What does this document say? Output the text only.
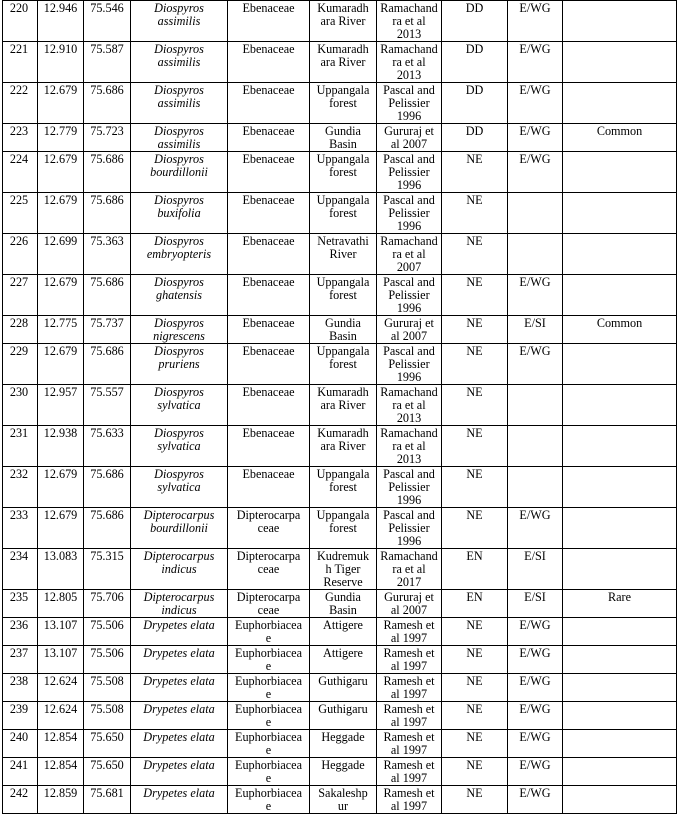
220	12.946	75.546	Diospyros
assimilis	Ebenaceae	Kumaradh
ara River	Ramachand
ra et al
2013	DD	E/WG	
221	12.910	75.587	Diospyros
assimilis	Ebenaceae	Kumaradh
ara River	Ramachand
ra et al
2013	DD	E/WG	
222	12.679	75.686	Diospyros
assimilis	Ebenaceae	Uppangala
forest	Pascal and
Pelissier
1996	DD	E/WG	
223	12.779	75.723	Diospyros
assimilis	Ebenaceae	Gundia
Basin	Gururaj et
al 2007	DD	E/WG	Common
224	12.679	75.686	Diospyros
bourdillonii	Ebenaceae	Uppangala
forest	Pascal and
Pelissier
1996	NE	E/WG	
225	12.679	75.686	Diospyros
buxifolia	Ebenaceae	Uppangala
forest	Pascal and
Pelissier
1996	NE		
226	12.699	75.363	Diospyros
embryopteris	Ebenaceae	Netravathi
River	Ramachand
ra et al
2007	NE		
227	12.679	75.686	Diospyros
ghatensis	Ebenaceae	Uppangala
forest	Pascal and
Pelissier
1996	NE	E/WG	
228	12.775	75.737	Diospyros
nigrescens	Ebenaceae	Gundia
Basin	Gururaj et
al 2007	NE	E/SI	Common
229	12.679	75.686	Diospyros
pruriens	Ebenaceae	Uppangala
forest	Pascal and
Pelissier
1996	NE	E/WG	
230	12.957	75.557	Diospyros
sylvatica	Ebenaceae	Kumaradh
ara River	Ramachand
ra et al
2013	NE		
231	12.938	75.633	Diospyros
sylvatica	Ebenaceae	Kumaradh
ara River	Ramachand
ra et al
2013	NE		
232	12.679	75.686	Diospyros
sylvatica	Ebenaceae	Uppangala
forest	Pascal and
Pelissier
1996	NE		
233	12.679	75.686	Dipterocarpus
bourdillonii	Dipterocarpa
ceae	Uppangala
forest	Pascal and
Pelissier
1996	NE	E/WG	
234	13.083	75.315	Dipterocarpus
indicus	Dipterocarpa
ceae	Kudremuk
h Tiger
Reserve	Ramachand
ra et al
2017	EN	E/SI	
235	12.805	75.706	Dipterocarpus
indicus	Dipterocarpa
ceae	Gundia
Basin	Gururaj et
al 2007	EN	E/SI	Rare
236	13.107	75.506	Drypetes elata	Euphorbiacea
e	Attigere	Ramesh et
al 1997	NE	E/WG	
237	13.107	75.506	Drypetes elata	Euphorbiacea
e	Attigere	Ramesh et
al 1997	NE	E/WG	
238	12.624	75.508	Drypetes elata	Euphorbiacea
e	Guthigaru	Ramesh et
al 1997	NE	E/WG	
239	12.624	75.508	Drypetes elata	Euphorbiacea
e	Guthigaru	Ramesh et
al 1997	NE	E/WG	
240	12.854	75.650	Drypetes elata	Euphorbiacea
e	Heggade	Ramesh et
al 1997	NE	E/WG	
241	12.854	75.650	Drypetes elata	Euphorbiacea
e	Heggade	Ramesh et
al 1997	NE	E/WG	
242	12.859	75.681	Drypetes elata	Euphorbiacea
e	Sakaleshp
ur	Ramesh et
al 1997	NE	E/WG	
